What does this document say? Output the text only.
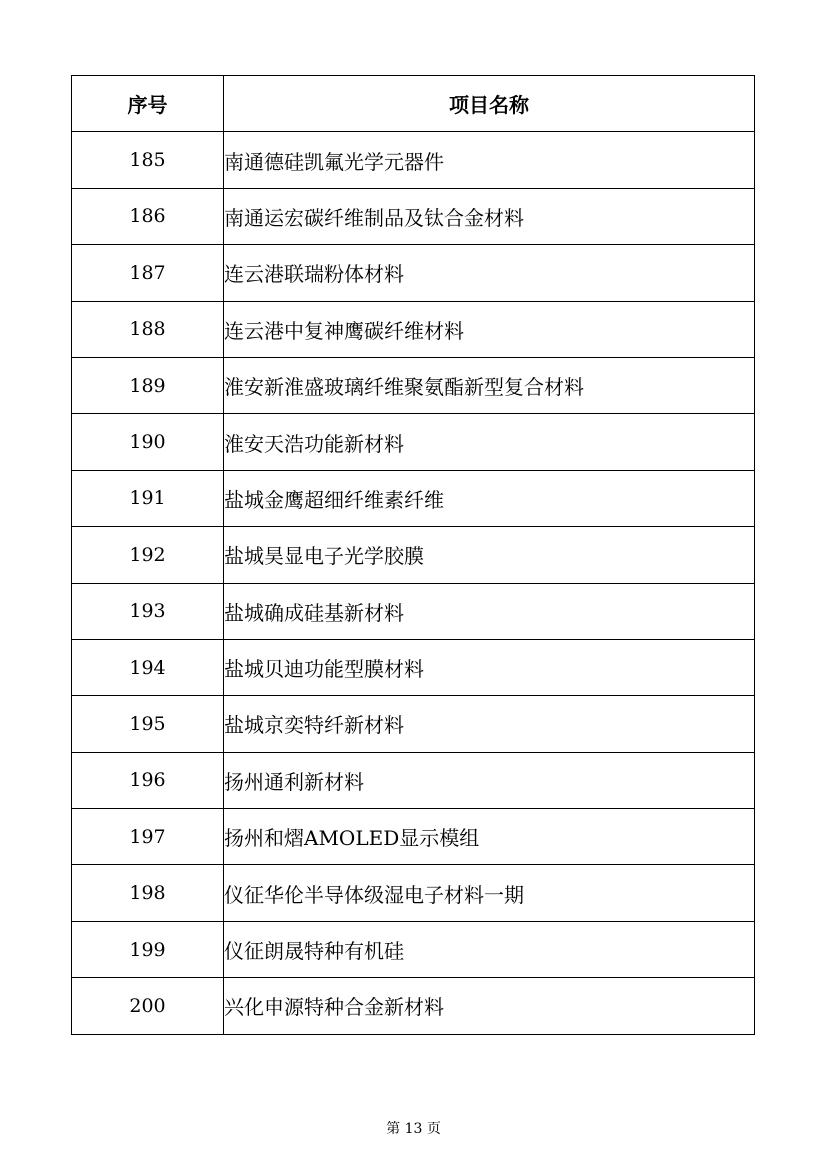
序号	项目名称
185	南通德硅凯氟光学元器件
186	南通运宏碳纤维制品及钛合金材料
187	连云港联瑞粉体材料
188	连云港中复神鹰碳纤维材料
189	淮安新淮盛玻璃纤维聚氨酯新型复合材料
190	淮安天浩功能新材料
191	盐城金鹰超细纤维素纤维
192	盐城昊显电子光学胶膜
193	盐城确成硅基新材料
194	盐城贝迪功能型膜材料
195	盐城京奕特纤新材料
196	扬州通利新材料
197	扬州和熠AMOLED显示模组
198	仪征华伦半导体级湿电子材料一期
199	仪征朗晟特种有机硅
200	兴化申源特种合金新材料
第 13 页
